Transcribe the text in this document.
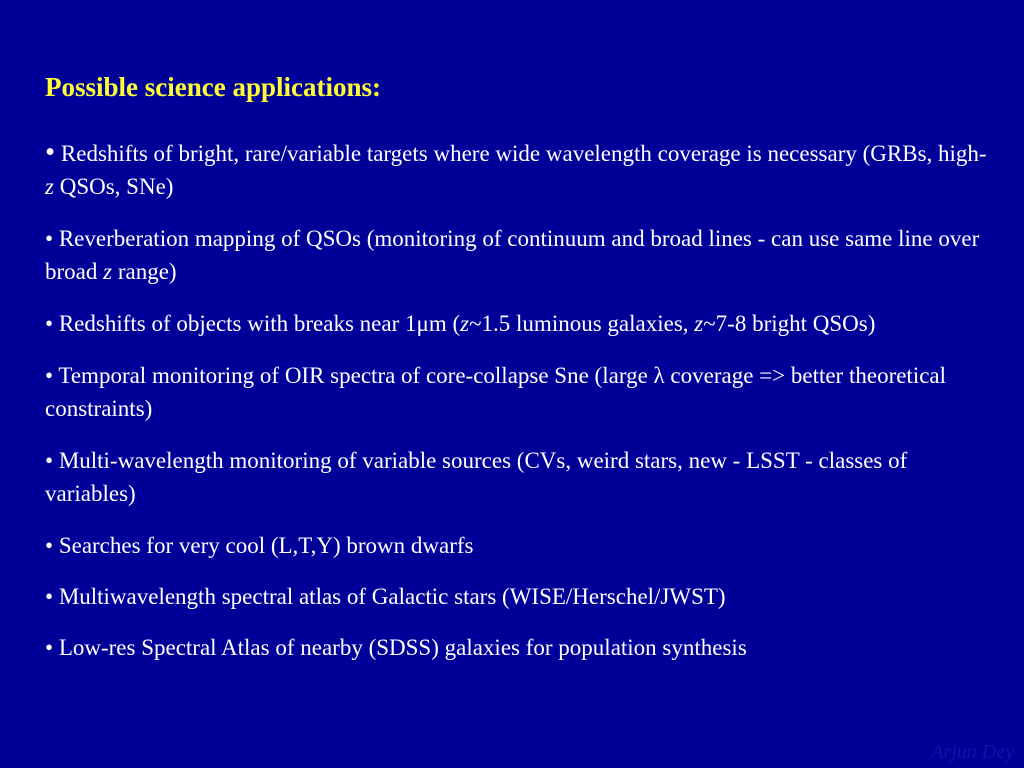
Possible science applications:
• Redshifts of bright, rare/variable targets where wide wavelength coverage is necessary (GRBs, high-z QSOs, SNe)
• Reverberation mapping of QSOs (monitoring of continuum and broad lines - can use same line over broad z range)
• Redshifts of objects with breaks near 1μm (z~1.5 luminous galaxies, z~7-8 bright QSOs)
• Temporal monitoring of OIR spectra of core-collapse Sne (large λ coverage => better theoretical constraints)
• Multi-wavelength monitoring of variable sources (CVs, weird stars, new - LSST - classes of variables)
• Searches for very cool (L,T,Y) brown dwarfs
• Multiwavelength spectral atlas of Galactic stars (WISE/Herschel/JWST)
• Low-res Spectral Atlas of nearby (SDSS) galaxies for population synthesis
Arjun Dey
